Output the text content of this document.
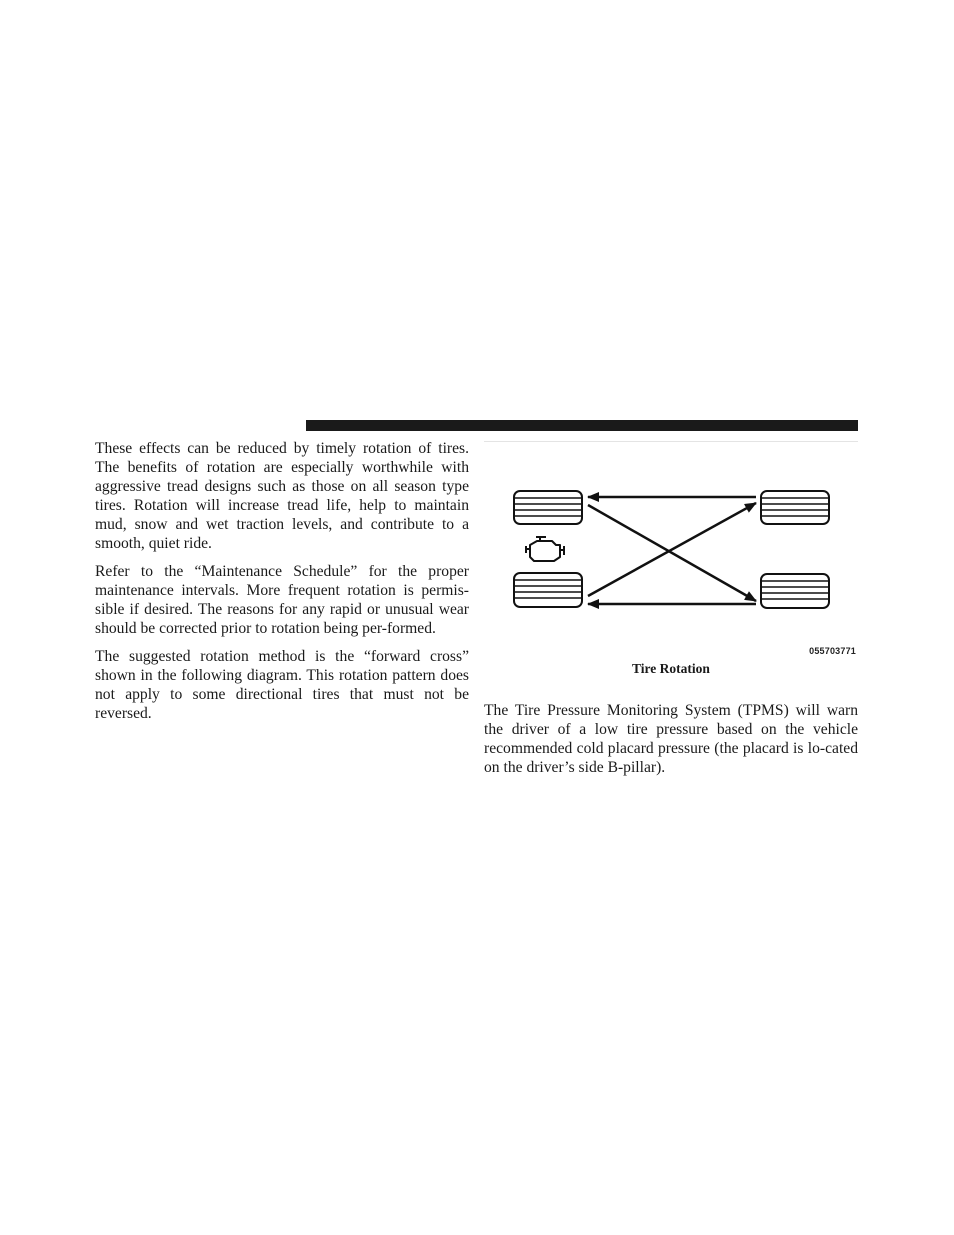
These effects can be reduced by timely rotation of tires. The benefits of rotation are especially worthwhile with aggressive tread designs such as those on all season type tires. Rotation will increase tread life, help to maintain mud, snow and wet traction levels, and contribute to a smooth, quiet ride.

Refer to the “Maintenance Schedule” for the proper maintenance intervals. More frequent rotation is permis-sible if desired. The reasons for any rapid or unusual wear should be corrected prior to rotation being per-formed.

The suggested rotation method is the “forward cross” shown in the following diagram. This rotation pattern does not apply to some directional tires that must not be reversed.

055703771
Tire Rotation

The Tire Pressure Monitoring System (TPMS) will warn the driver of a low tire pressure based on the vehicle recommended cold placard pressure (the placard is lo-cated on the driver’s side B-pillar).
